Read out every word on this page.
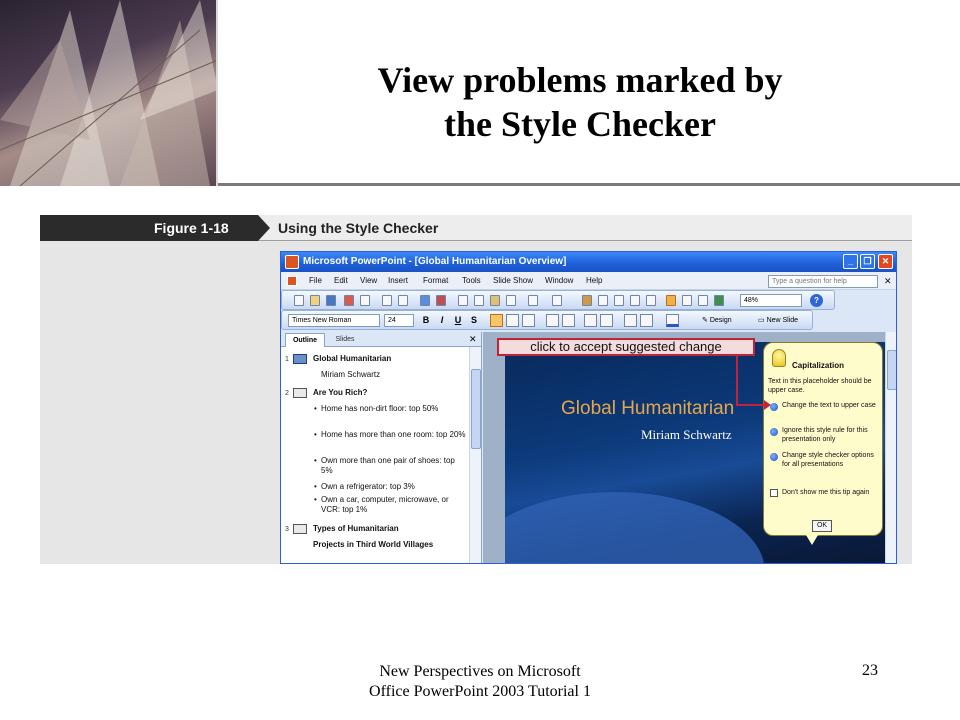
View problems marked by
the Style Checker
Figure 1-18	Using the Style Checker
Microsoft PowerPoint - [Global Humanitarian Overview]	_	❐	✕
File Edit View Insert Format Tools Slide Show Window Help	Type a question for help	✕
48%	?
Times New Roman	24	B	I	U	S	✎ Design	▭ New Slide
Outline	Slides	✕
1	Global Humanitarian
Miriam Schwartz
2	Are You Rich?
• Home has non-dirt floor: top 50%
• Home has more than one room: top 20%
• Own more than one pair of shoes: top 5%
• Own a refrigerator: top 3%
• Own a car, computer, microwave, or VCR: top 1%
3	Types of Humanitarian
Projects in Third World Villages
Global Humanitarian
Miriam Schwartz
Capitalization
Text in this placeholder should be upper case.
Change the text to upper case
Ignore this style rule for this presentation only
Change style checker options for all presentations
Don't show me this tip again
OK
click to accept suggested change
New Perspectives on Microsoft
Office PowerPoint 2003 Tutorial 1
23
